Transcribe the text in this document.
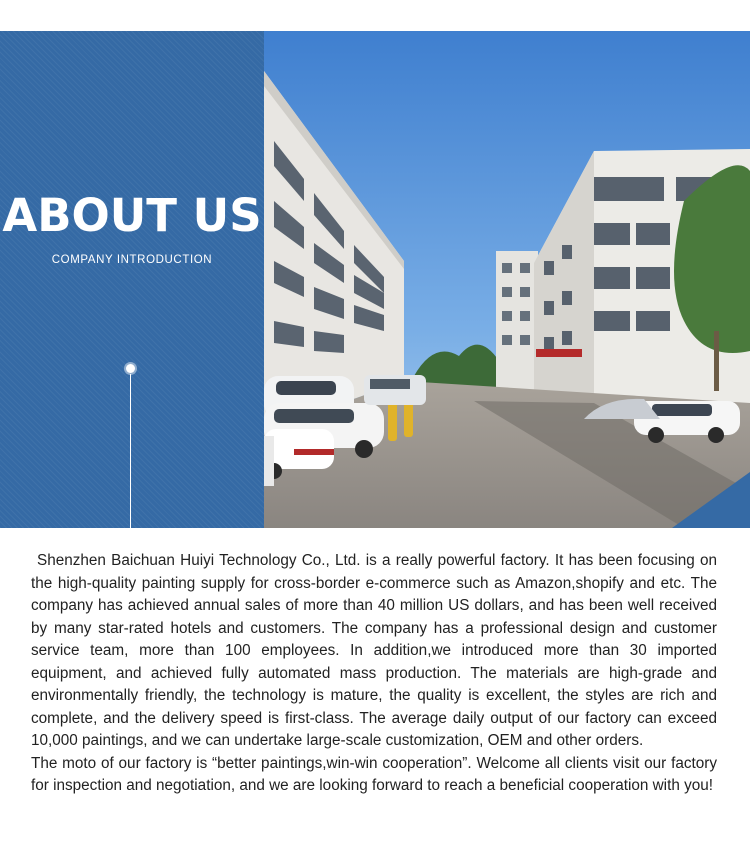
ABOUT US
COMPANY INTRODUCTION

Shenzhen Baichuan Huiyi Technology Co., Ltd. is a really powerful factory. It has been focusing on the high-quality painting supply for cross-border e-commerce such as Amazon,shopify and etc. The company has achieved annual sales of more than 40 million US dollars, and has been well received by many star-rated hotels and customers. The company has a professional design and customer service team, more than 100 employees. In addition,we introduced more than 30 imported equipment, and achieved fully automated mass production. The materials are high-grade and environmentally friendly, the technology is mature, the quality is excellent, the styles are rich and complete, and the delivery speed is first-class. The average daily output of our factory can exceed 10,000 paintings, and we can undertake large-scale customization, OEM and other orders.

The moto of our factory is “better paintings,win-win cooperation”. Welcome all clients visit our factory for inspection and negotiation, and we are looking forward to reach a beneficial cooperation with you!
